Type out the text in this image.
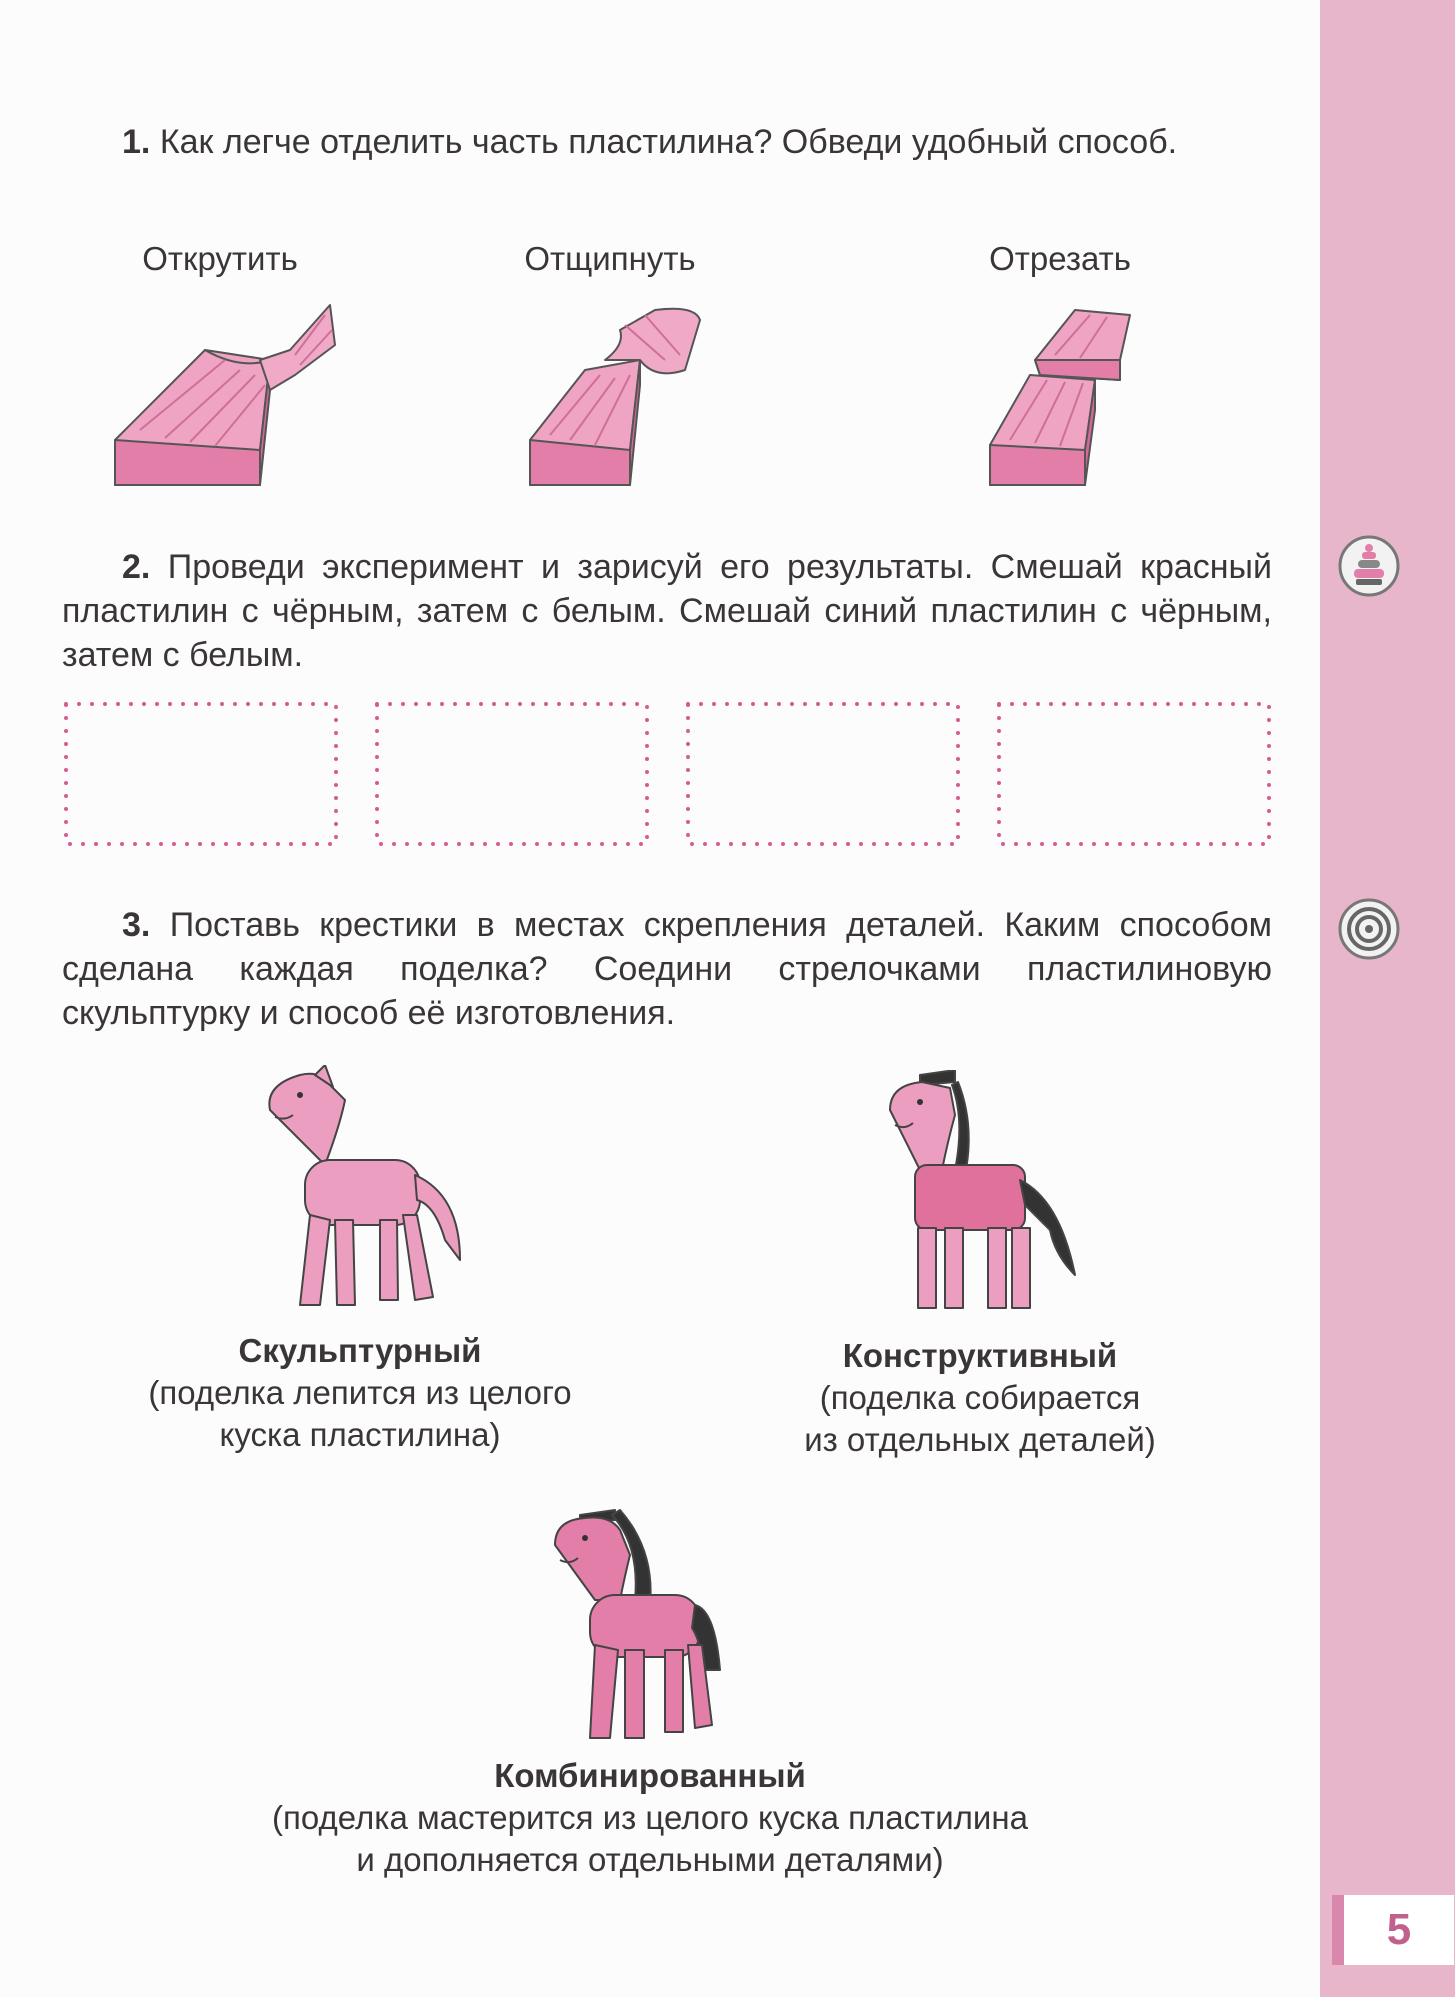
1. Как легче отделить часть пластилина? Обведи удобный способ.
Открутить	Отщипнуть	Отрезать
2. Проведи эксперимент и зарисуй его результаты. Смешай красный пластилин с чёрным, затем с белым. Смешай синий пластилин с чёрным, затем с белым.
3. Поставь крестики в местах скрепления деталей. Каким способом сделана каждая поделка? Соедини стрелочками пластилиновую скульптурку и способ её изготовления.
Скульптурный
(поделка лепится из целого
куска пластилина)
Конструктивный
(поделка собирается
из отдельных деталей)
Комбинированный
(поделка мастерится из целого куска пластилина
и дополняется отдельными деталями)
5
